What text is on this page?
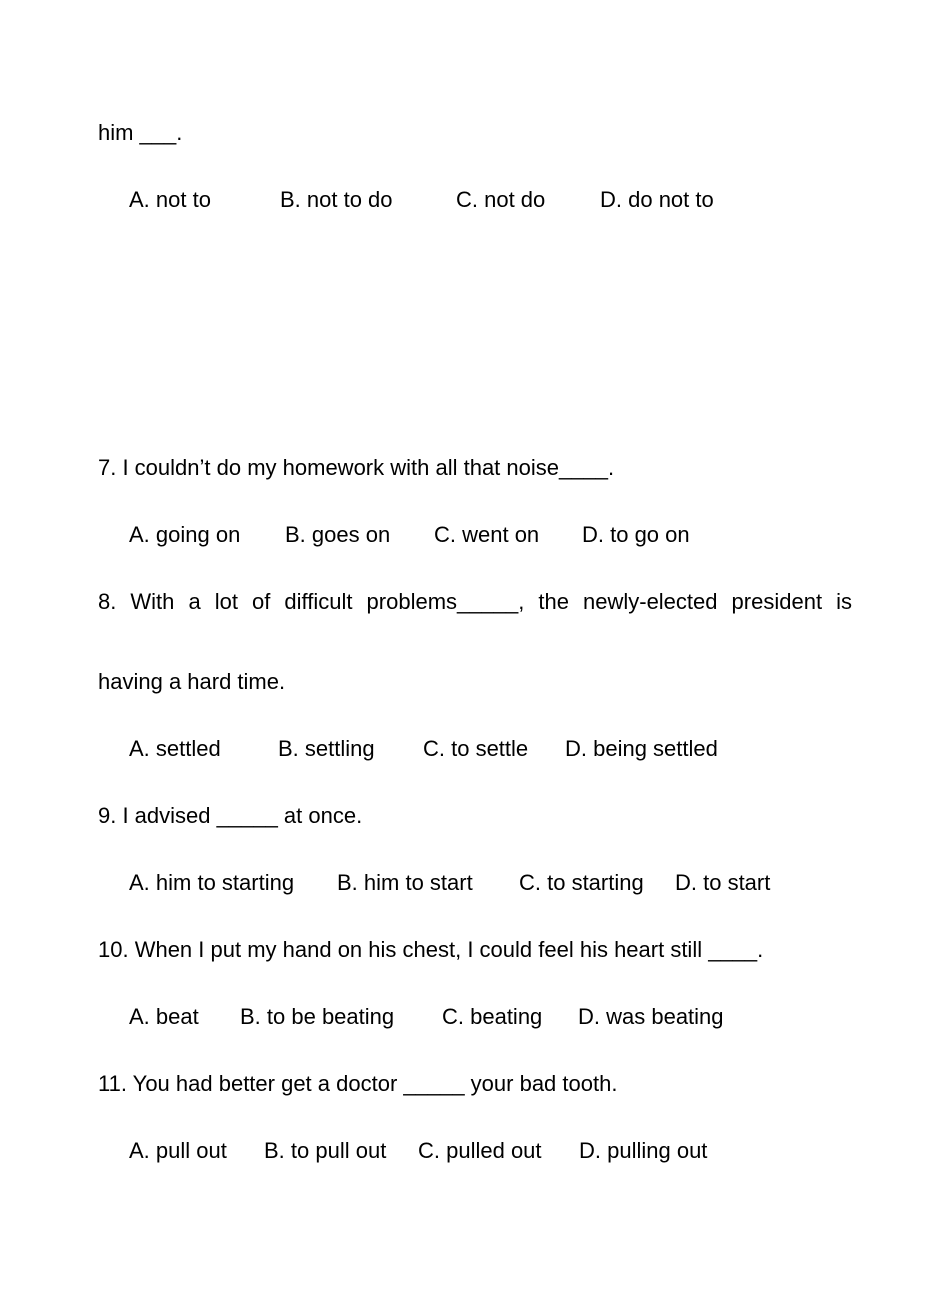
him ___.

A. not to

	B. not to do

	C. not do

D. do not to

7. I couldn’t do my homework with all that noise____.

A. going on

B. goes on

C. went on

D. to go on

8. With a lot of difficult problems_____, the newly-elected president is
having a hard time.

A. settled

	B. settling

C. to settle

D. being settled

9. I advised _____ at once.

A. him to starting

B. him to start

C. to starting

D. to start

10. When I put my hand on his chest, I could feel his heart still ____.

A. beat

B. to be beating

C. beating

D. was beating

11. You had better get a doctor _____ your bad tooth.

A. pull out

B. to pull out

C. pulled out

D. pulling out
